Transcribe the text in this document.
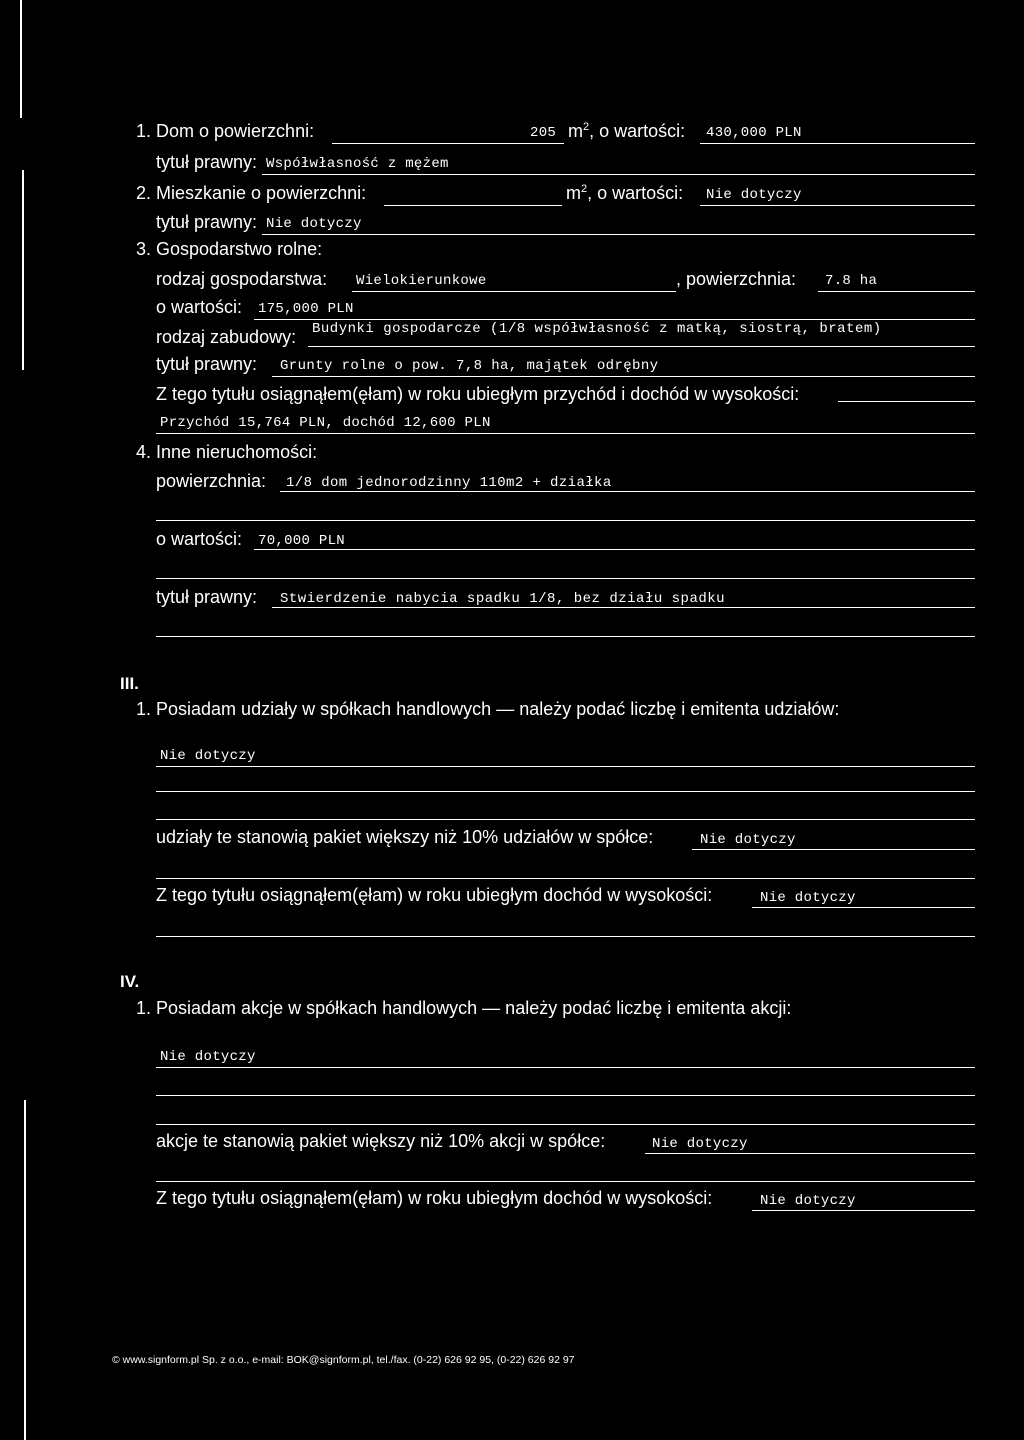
1. Dom o powierzchni:	205 $m^2$, o wartości: 430,000 PLN
tytuł prawny: Współwłasność z mężem
2. Mieszkanie o powierzchni:	$m^2$, o wartości: Nie dotyczy
tytuł prawny: Nie dotyczy
3. Gospodarstwo rolne:
rodzaj gospodarstwa: Wielokierunkowe	, powierzchnia: 7.8 ha
o wartości: 175,000 PLN
rodzaj zabudowy: Budynki gospodarcze (1/8 współwłasność z matką, siostrą, bratem)
tytuł prawny: Grunty rolne o pow. 7,8 ha, majątek odrębny
Z tego tytułu osiągnąłem(ęłam) w roku ubiegłym przychód i dochód w wysokości:
Przychód 15,764 PLN, dochód 12,600 PLN
4. Inne nieruchomości:
powierzchnia: 1/8 dom jednorodzinny 110m2 + działka
o wartości: 70,000 PLN
tytuł prawny: Stwierdzenie nabycia spadku 1/8, bez działu spadku
III.
1. Posiadam udziały w spółkach handlowych — należy podać liczbę i emitenta udziałów:
Nie dotyczy
udziały te stanowią pakiet większy niż 10% udziałów w spółce:	Nie dotyczy
Z tego tytułu osiągnąłem(ęłam) w roku ubiegłym dochód w wysokości:	Nie dotyczy
IV.
1. Posiadam akcje w spółkach handlowych — należy podać liczbę i emitenta akcji:
Nie dotyczy
akcje te stanowią pakiet większy niż 10% akcji w spółce:	Nie dotyczy
Z tego tytułu osiągnąłem(ęłam) w roku ubiegłym dochód w wysokości:	Nie dotyczy
© www.signform.pl Sp. z o.o., e-mail: BOK@signform.pl, tel./fax. (0-22) 626 92 95, (0-22) 626 92 97
